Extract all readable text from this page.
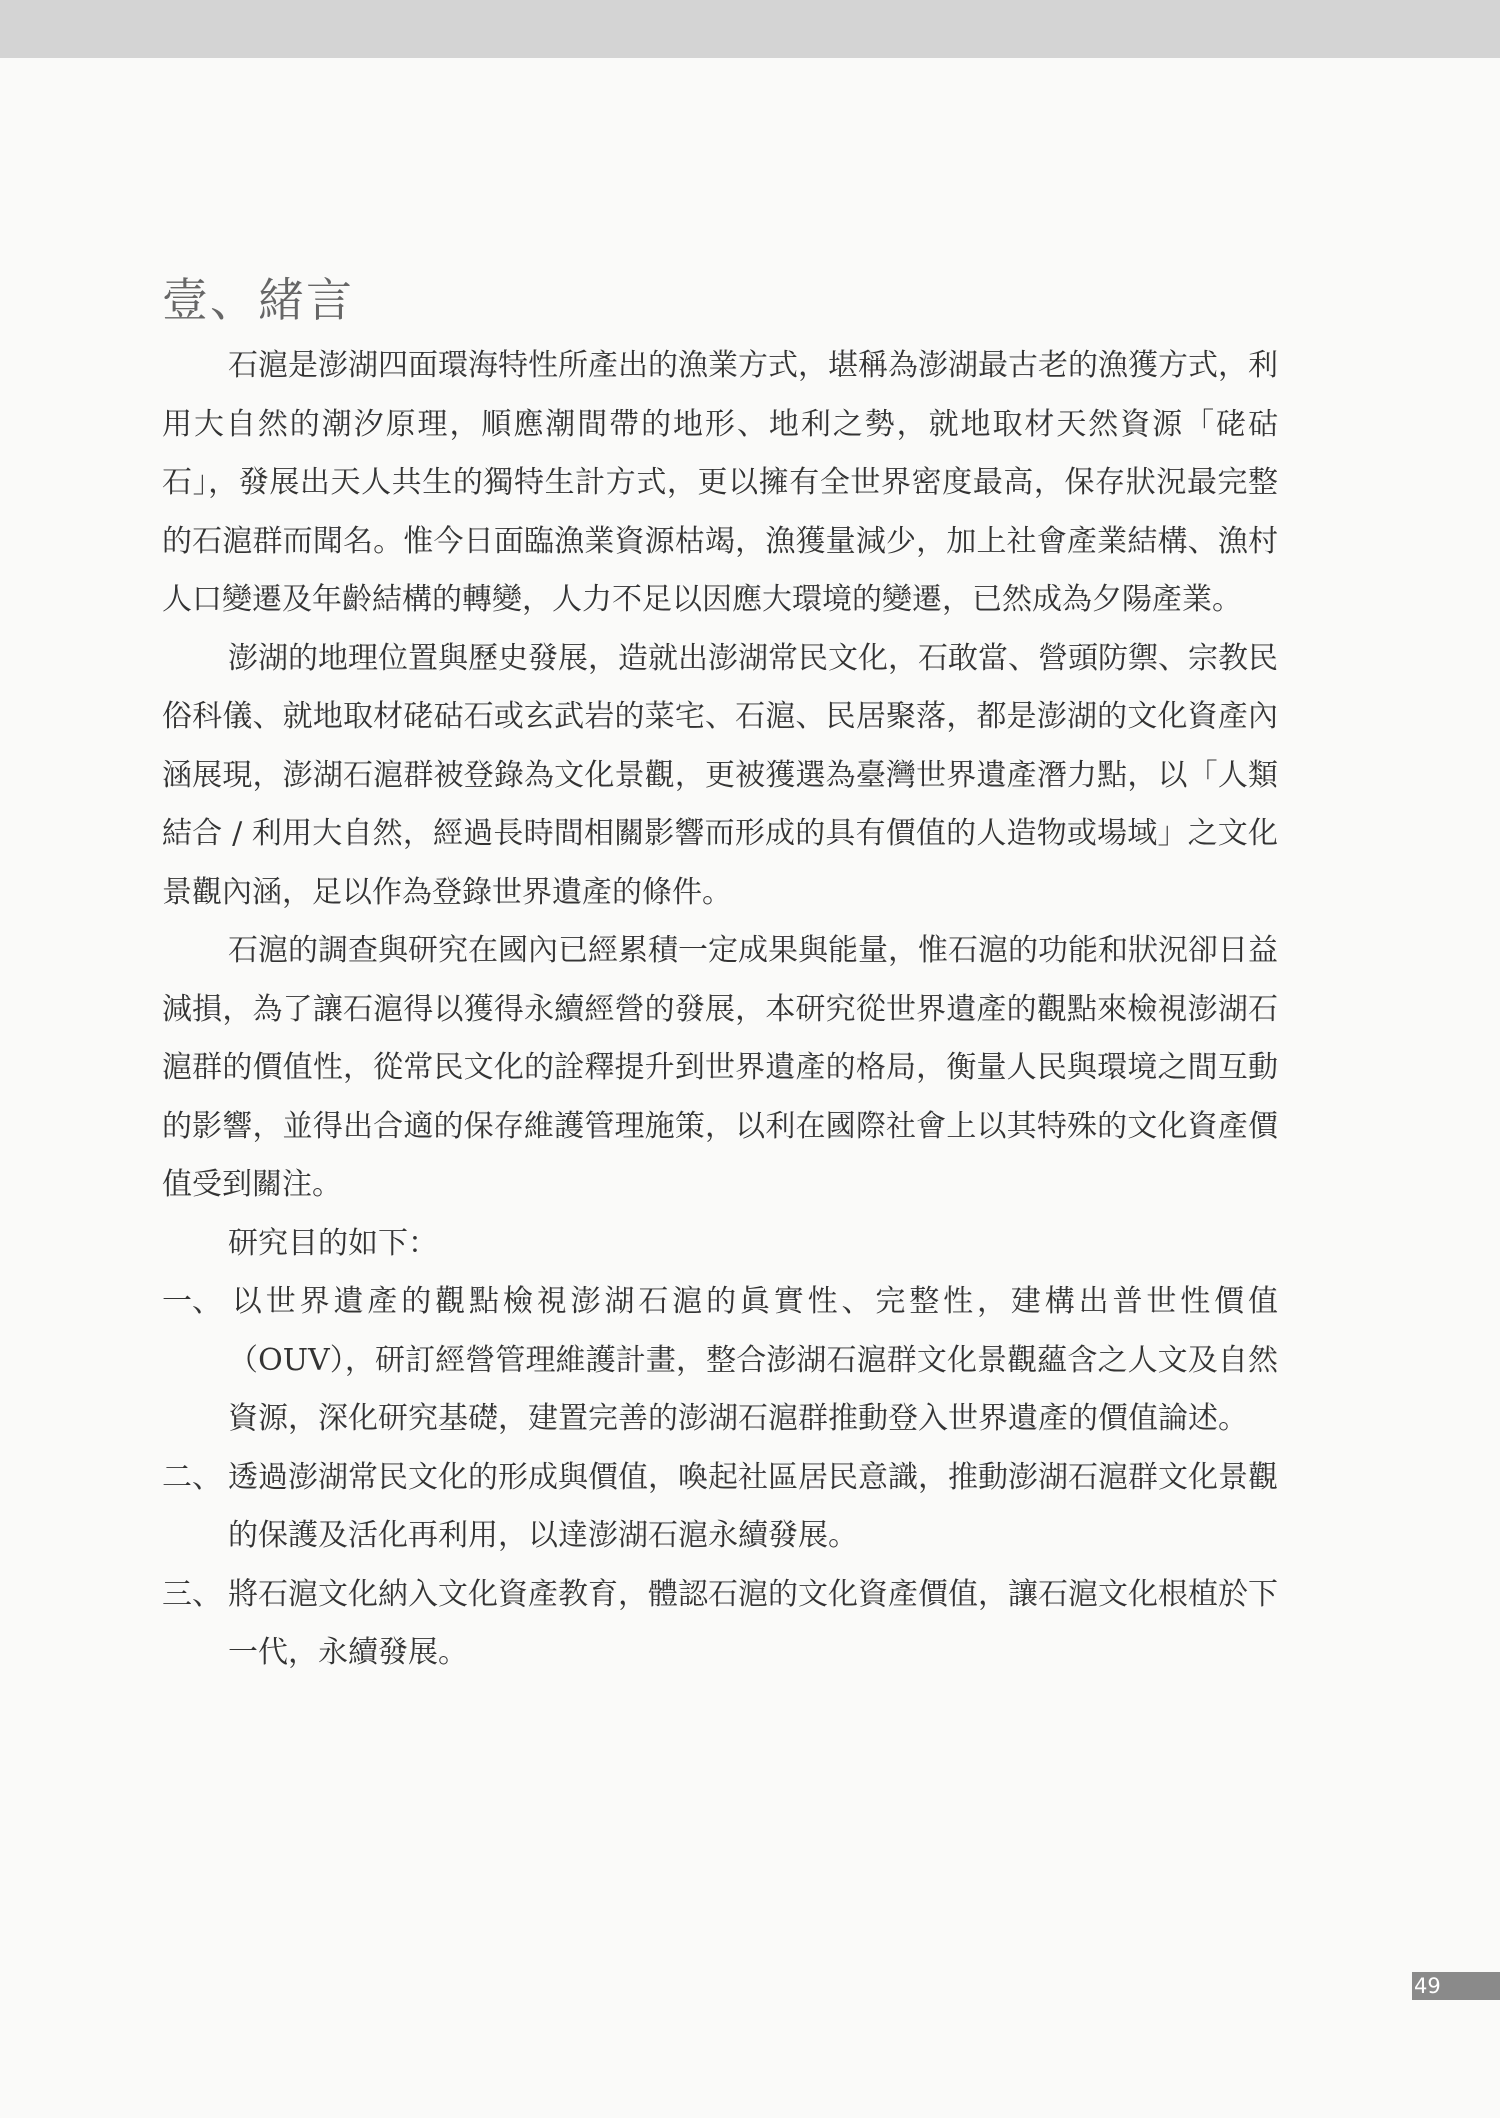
壹、緒言

石滬是澎湖四面環海特性所產出的漁業方式，堪稱為澎湖最古老的漁獲方式，利用大自然的潮汐原理，順應潮間帶的地形、地利之勢，就地取材天然資源「硓𥑮石」，發展出天人共生的獨特生計方式，更以擁有全世界密度最高，保存狀況最完整的石滬群而聞名。惟今日面臨漁業資源枯竭，漁獲量減少，加上社會產業結構、漁村人口變遷及年齡結構的轉變，人力不足以因應大環境的變遷，已然成為夕陽產業。

澎湖的地理位置與歷史發展，造就出澎湖常民文化，石敢當、營頭防禦、宗教民俗科儀、就地取材硓𥑮石或玄武岩的菜宅、石滬、民居聚落，都是澎湖的文化資產內涵展現，澎湖石滬群被登錄為文化景觀，更被獲選為臺灣世界遺產潛力點，以「人類結合 / 利用大自然，經過長時間相關影響而形成的具有價值的人造物或場域」之文化景觀內涵，足以作為登錄世界遺產的條件。

石滬的調查與研究在國內已經累積一定成果與能量，惟石滬的功能和狀況卻日益減損，為了讓石滬得以獲得永續經營的發展，本研究從世界遺產的觀點來檢視澎湖石滬群的價值性，從常民文化的詮釋提升到世界遺產的格局，衡量人民與環境之間互動的影響，並得出合適的保存維護管理施策，以利在國際社會上以其特殊的文化資產價值受到關注。

研究目的如下：

一、 以世界遺產的觀點檢視澎湖石滬的眞實性、完整性，建構出普世性價值（OUV），研訂經營管理維護計畫，整合澎湖石滬群文化景觀蘊含之人文及自然資源，深化研究基礎，建置完善的澎湖石滬群推動登入世界遺產的價值論述。

二、 透過澎湖常民文化的形成與價值，喚起社區居民意識，推動澎湖石滬群文化景觀的保護及活化再利用，以達澎湖石滬永續發展。

三、 將石滬文化納入文化資產教育，體認石滬的文化資產價值，讓石滬文化根植於下一代，永續發展。

49
